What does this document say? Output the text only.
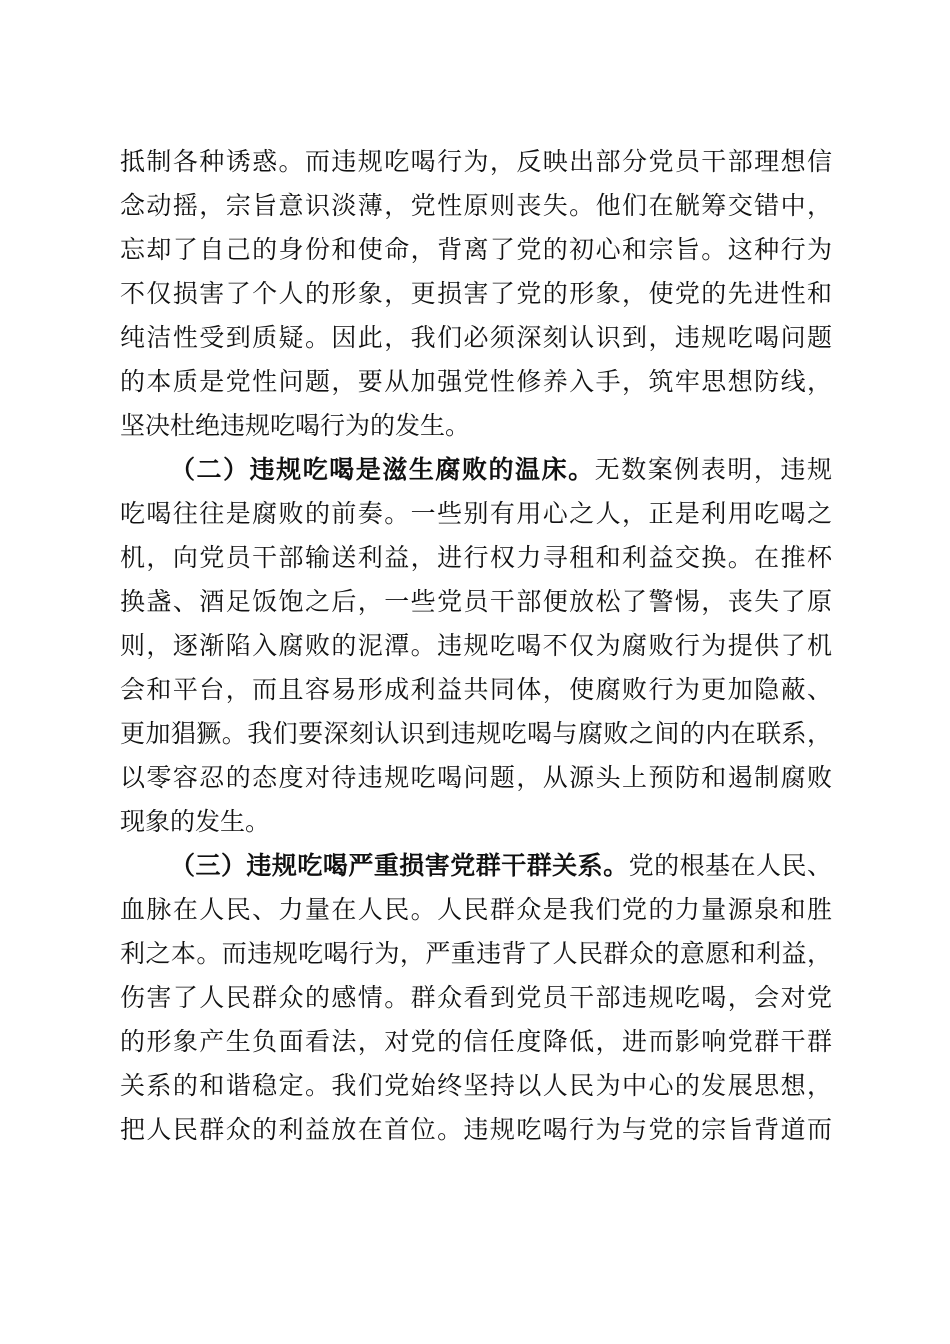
抵制各种诱惑。而违规吃喝行为，反映出部分党员干部理想信
念动摇，宗旨意识淡薄，党性原则丧失。他们在觥筹交错中，
忘却了自己的身份和使命，背离了党的初心和宗旨。这种行为
不仅损害了个人的形象，更损害了党的形象，使党的先进性和
纯洁性受到质疑。因此，我们必须深刻认识到，违规吃喝问题
的本质是党性问题，要从加强党性修养入手，筑牢思想防线，
坚决杜绝违规吃喝行为的发生。
（二）违规吃喝是滋生腐败的温床。无数案例表明，违规
吃喝往往是腐败的前奏。一些别有用心之人，正是利用吃喝之
机，向党员干部输送利益，进行权力寻租和利益交换。在推杯
换盏、酒足饭饱之后，一些党员干部便放松了警惕，丧失了原
则，逐渐陷入腐败的泥潭。违规吃喝不仅为腐败行为提供了机
会和平台，而且容易形成利益共同体，使腐败行为更加隐蔽、
更加猖獗。我们要深刻认识到违规吃喝与腐败之间的内在联系，
以零容忍的态度对待违规吃喝问题，从源头上预防和遏制腐败
现象的发生。
（三）违规吃喝严重损害党群干群关系。党的根基在人民、
血脉在人民、力量在人民。人民群众是我们党的力量源泉和胜
利之本。而违规吃喝行为，严重违背了人民群众的意愿和利益，
伤害了人民群众的感情。群众看到党员干部违规吃喝，会对党
的形象产生负面看法，对党的信任度降低，进而影响党群干群
关系的和谐稳定。我们党始终坚持以人民为中心的发展思想，
把人民群众的利益放在首位。违规吃喝行为与党的宗旨背道而
